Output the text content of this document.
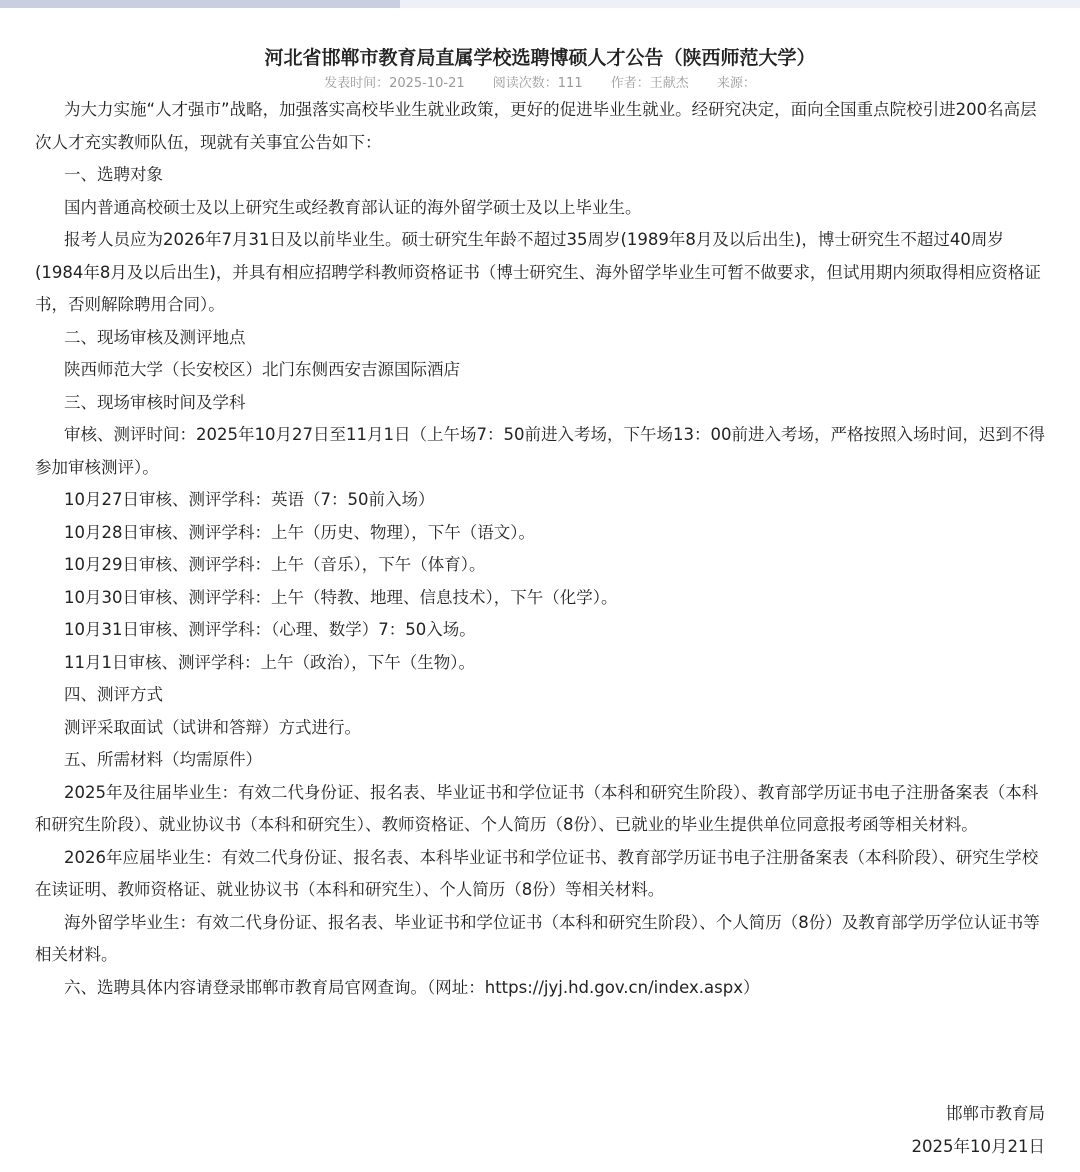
河北省邯郸市教育局直属学校选聘博硕人才公告（陕西师范大学）
发表时间：2025-10-21 阅读次数：111 作者：王献杰 来源：

为大力实施“人才强市”战略，加强落实高校毕业生就业政策，更好的促进毕业生就业。经研究决定，面向全国重点院校引进200名高层次人才充实教师队伍，现就有关事宜公告如下：

一、选聘对象

国内普通高校硕士及以上研究生或经教育部认证的海外留学硕士及以上毕业生。

报考人员应为2026年7月31日及以前毕业生。硕士研究生年龄不超过35周岁(1989年8月及以后出生)，博士研究生不超过40周岁(1984年8月及以后出生)，并具有相应招聘学科教师资格证书（博士研究生、海外留学毕业生可暂不做要求，但试用期内须取得相应资格证书，否则解除聘用合同）。

二、现场审核及测评地点

陕西师范大学（长安校区）北门东侧西安吉源国际酒店

三、现场审核时间及学科

审核、测评时间：2025年10月27日至11月1日（上午场7：50前进入考场，下午场13：00前进入考场，严格按照入场时间，迟到不得参加审核测评）。

10月27日审核、测评学科：英语（7：50前入场）

10月28日审核、测评学科：上午（历史、物理），下午（语文）。

10月29日审核、测评学科：上午（音乐），下午（体育）。

10月30日审核、测评学科：上午（特教、地理、信息技术），下午（化学）。

10月31日审核、测评学科：（心理、数学）7：50入场。

11月1日审核、测评学科：上午（政治），下午（生物）。

四、测评方式

测评采取面试（试讲和答辩）方式进行。

五、所需材料（均需原件）

2025年及往届毕业生：有效二代身份证、报名表、毕业证书和学位证书（本科和研究生阶段）、教育部学历证书电子注册备案表（本科和研究生阶段）、就业协议书（本科和研究生）、教师资格证、个人简历（8份）、已就业的毕业生提供单位同意报考函等相关材料。

2026年应届毕业生：有效二代身份证、报名表、本科毕业证书和学位证书、教育部学历证书电子注册备案表（本科阶段）、研究生学校在读证明、教师资格证、就业协议书（本科和研究生）、个人简历（8份）等相关材料。

海外留学毕业生：有效二代身份证、报名表、毕业证书和学位证书（本科和研究生阶段）、个人简历（8份）及教育部学历学位认证书等相关材料。

六、选聘具体内容请登录邯郸市教育局官网查询。（网址：https://jyj.hd.gov.cn/index.aspx）

邯郸市教育局
2025年10月21日
